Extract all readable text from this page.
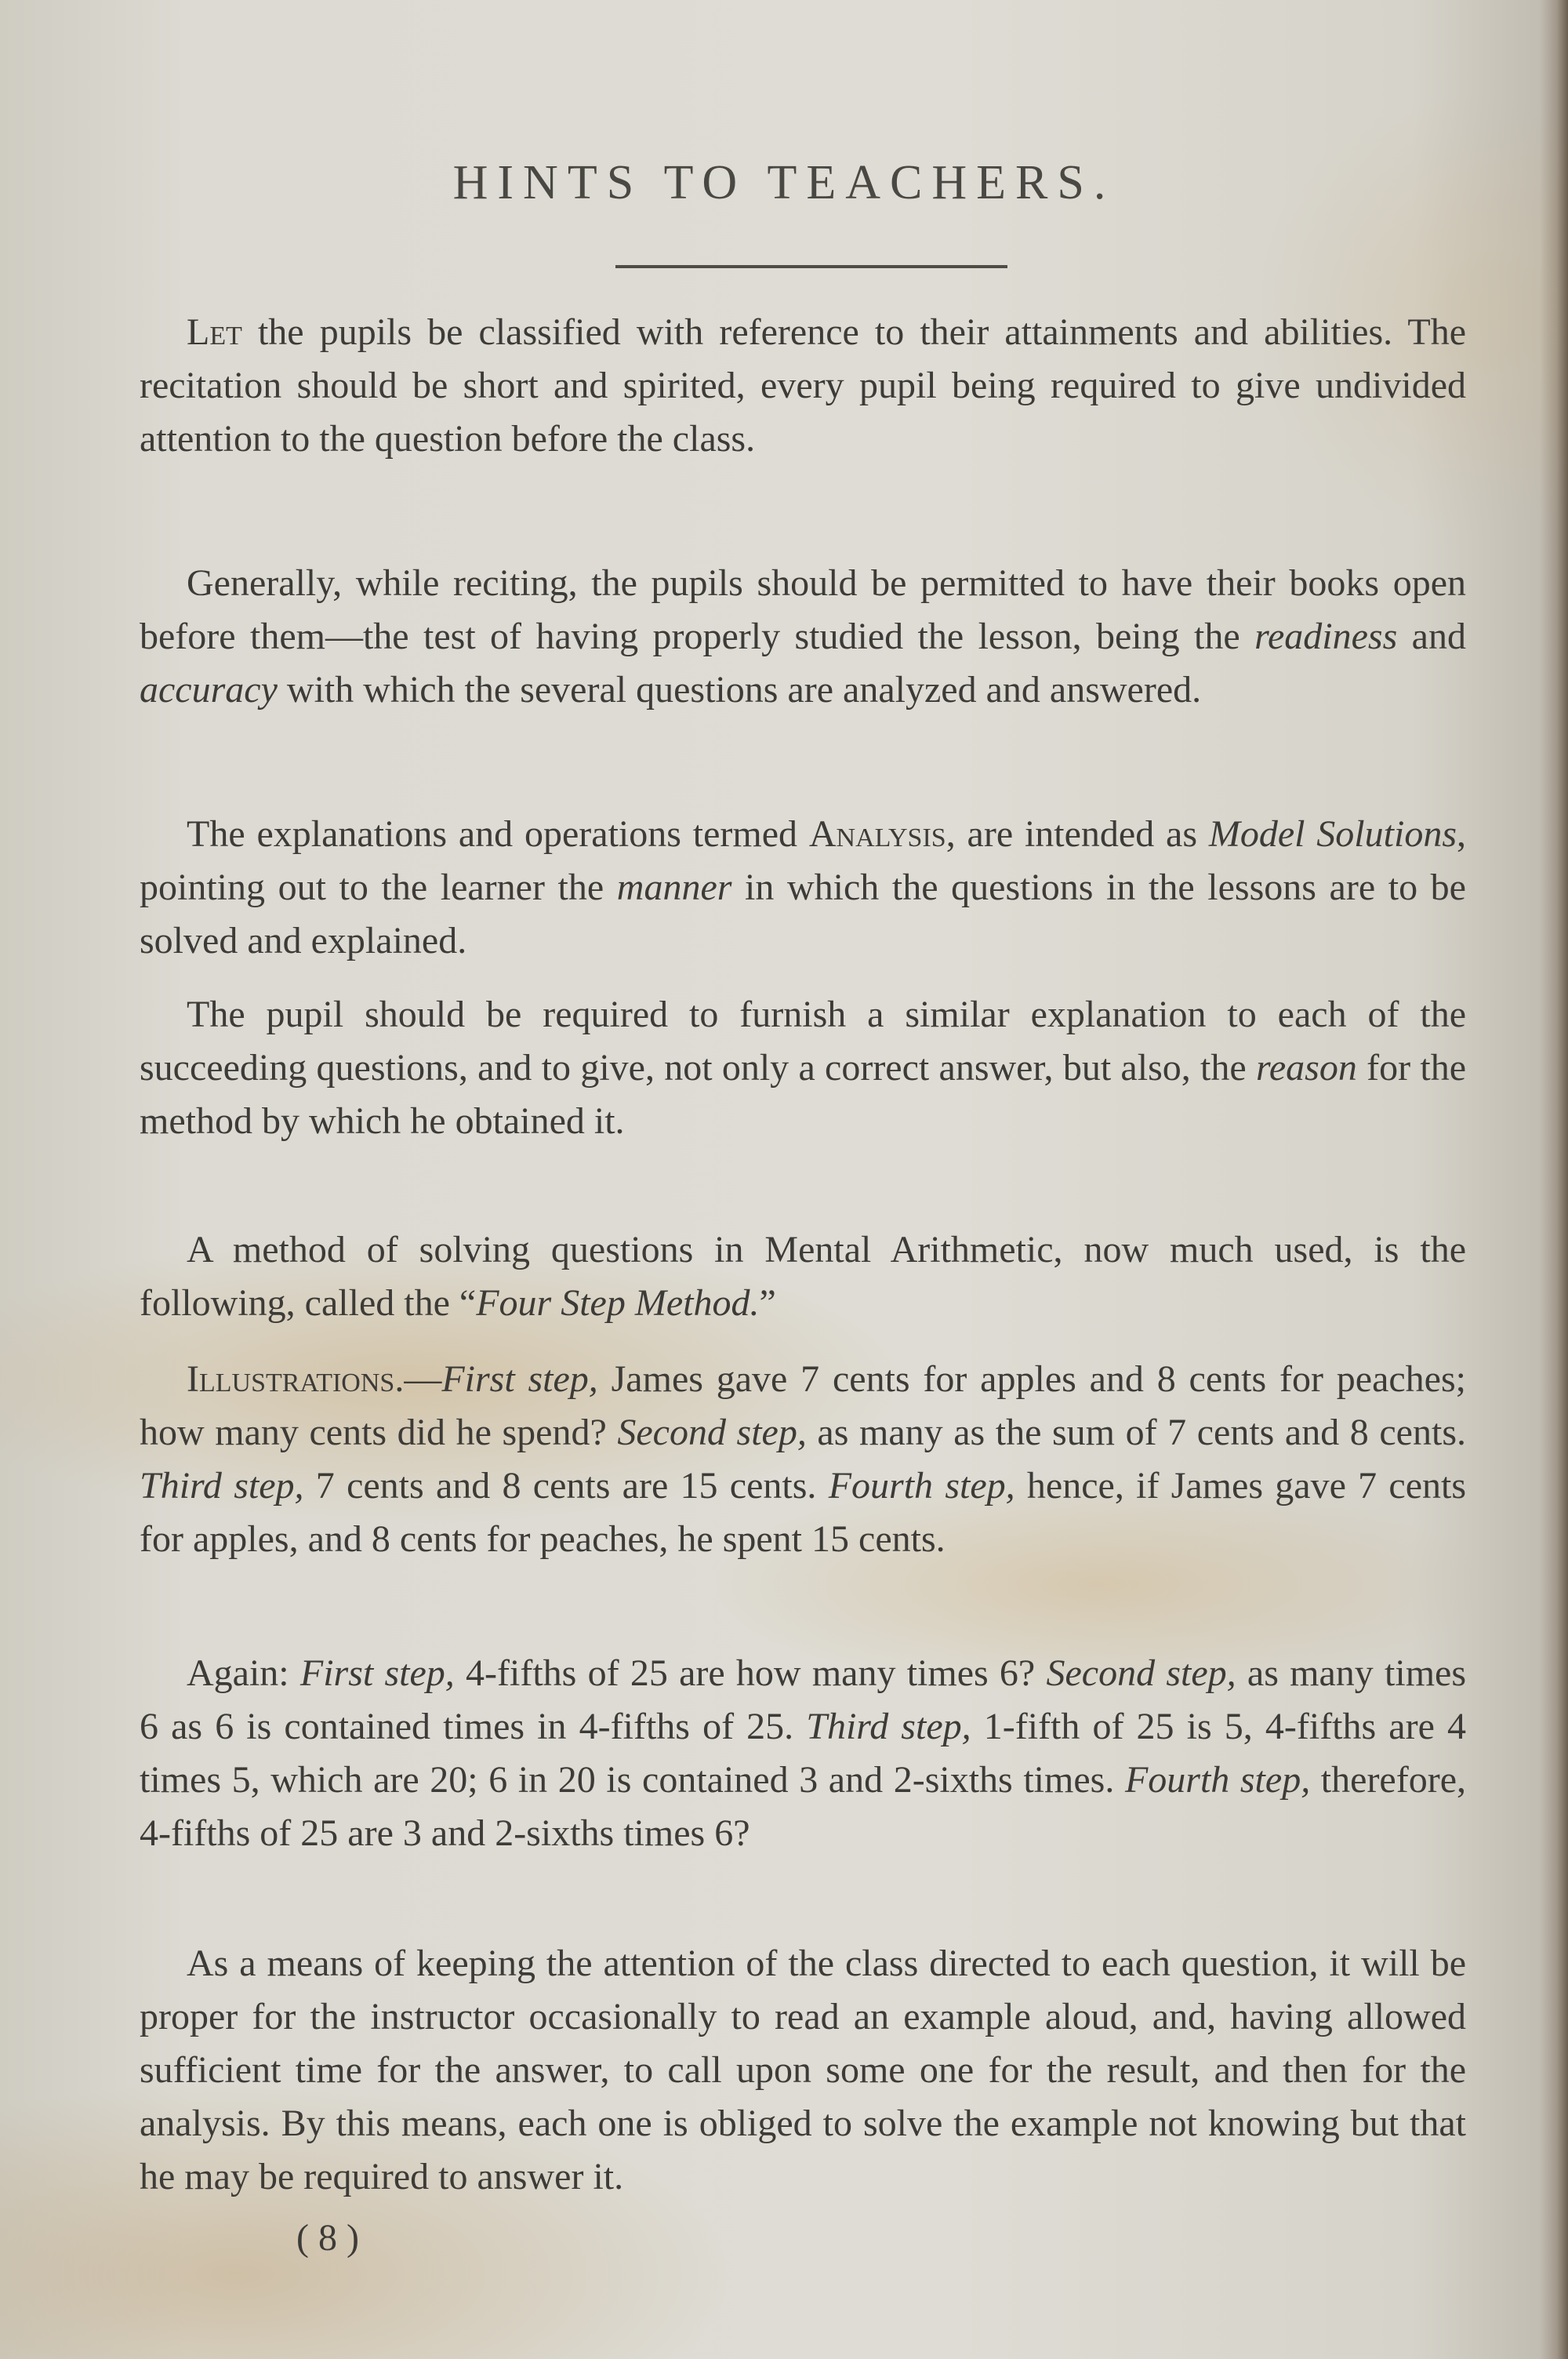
HINTS TO TEACHERS.

Let the pupils be classified with reference to their attainments and abilities. The recitation should be short and spirited, every pupil being required to give undivided attention to the question before the class.

Generally, while reciting, the pupils should be permitted to have their books open before them—the test of having properly studied the lesson, being the readiness and accuracy with which the several questions are analyzed and answered.

The explanations and operations termed Analysis, are intended as Model Solutions, pointing out to the learner the manner in which the questions in the lessons are to be solved and explained.

The pupil should be required to furnish a similar explanation to each of the succeeding questions, and to give, not only a correct answer, but also, the reason for the method by which he obtained it.

A method of solving questions in Mental Arithmetic, now much used, is the following, called the “Four Step Method.”

Illustrations.—First step, James gave 7 cents for apples and 8 cents for peaches; how many cents did he spend? Second step, as many as the sum of 7 cents and 8 cents. Third step, 7 cents and 8 cents are 15 cents. Fourth step, hence, if James gave 7 cents for apples, and 8 cents for peaches, he spent 15 cents.

Again: First step, 4-fifths of 25 are how many times 6? Second step, as many times 6 as 6 is contained times in 4-fifths of 25. Third step, 1-fifth of 25 is 5, 4-fifths are 4 times 5, which are 20; 6 in 20 is contained 3 and 2-sixths times. Fourth step, therefore, 4-fifths of 25 are 3 and 2-sixths times 6?

As a means of keeping the attention of the class directed to each question, it will be proper for the instructor occasionally to read an example aloud, and, having allowed sufficient time for the answer, to call upon some one for the result, and then for the analysis. By this means, each one is obliged to solve the example not knowing but that he may be required to answer it.

( 8 )
